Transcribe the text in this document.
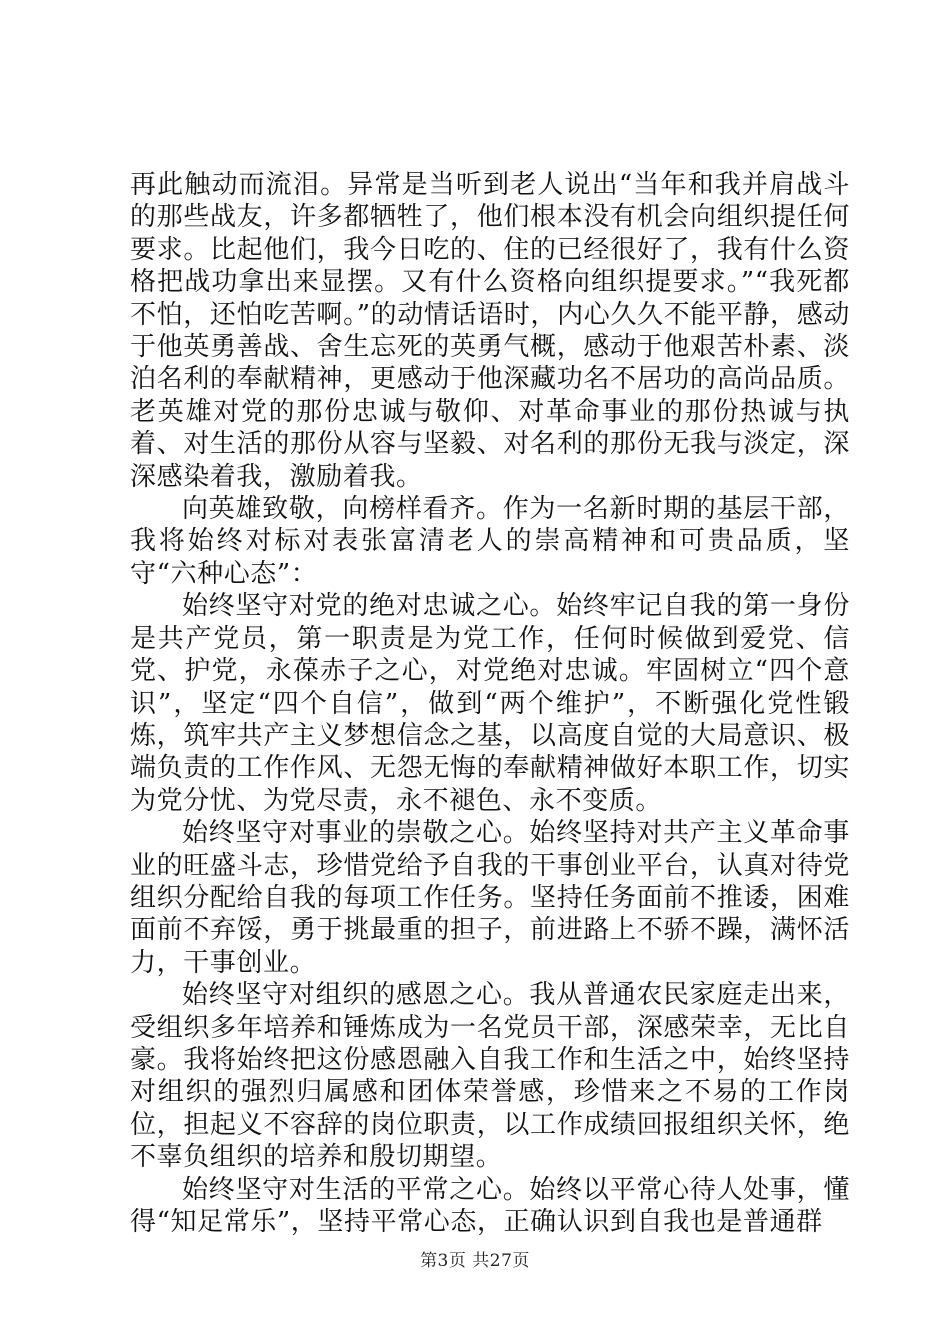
再此触动而流泪。异常是当听到老人说出“当年和我并肩战斗的那些战友，许多都牺牲了，他们根本没有机会向组织提任何要求。比起他们，我今日吃的、住的已经很好了，我有什么资格把战功拿出来显摆。又有什么资格向组织提要求。”“我死都不怕，还怕吃苦啊。”的动情话语时，内心久久不能平静，感动于他英勇善战、舍生忘死的英勇气概，感动于他艰苦朴素、淡泊名利的奉献精神，更感动于他深藏功名不居功的高尚品质。老英雄对党的那份忠诚与敬仰、对革命事业的那份热诚与执着、对生活的那份从容与坚毅、对名利的那份无我与淡定，深深感染着我，激励着我。

向英雄致敬，向榜样看齐。作为一名新时期的基层干部，我将始终对标对表张富清老人的崇高精神和可贵品质，坚守“六种心态”：

始终坚守对党的绝对忠诚之心。始终牢记自我的第一身份是共产党员，第一职责是为党工作，任何时候做到爱党、信党、护党，永葆赤子之心，对党绝对忠诚。牢固树立“四个意识”，坚定“四个自信”，做到“两个维护”，不断强化党性锻炼，筑牢共产主义梦想信念之基，以高度自觉的大局意识、极端负责的工作作风、无怨无悔的奉献精神做好本职工作，切实为党分忧、为党尽责，永不褪色、永不变质。

始终坚守对事业的崇敬之心。始终坚持对共产主义革命事业的旺盛斗志，珍惜党给予自我的干事创业平台，认真对待党组织分配给自我的每项工作任务。坚持任务面前不推诿，困难面前不弃馁，勇于挑最重的担子，前进路上不骄不躁，满怀活力，干事创业。

始终坚守对组织的感恩之心。我从普通农民家庭走出来，受组织多年培养和锤炼成为一名党员干部，深感荣幸，无比自豪。我将始终把这份感恩融入自我工作和生活之中，始终坚持对组织的强烈归属感和团体荣誉感，珍惜来之不易的工作岗位，担起义不容辞的岗位职责，以工作成绩回报组织关怀，绝不辜负组织的培养和殷切期望。

始终坚守对生活的平常之心。始终以平常心待人处事，懂得“知足常乐”，坚持平常心态，正确认识到自我也是普通群

第3页 共27页
